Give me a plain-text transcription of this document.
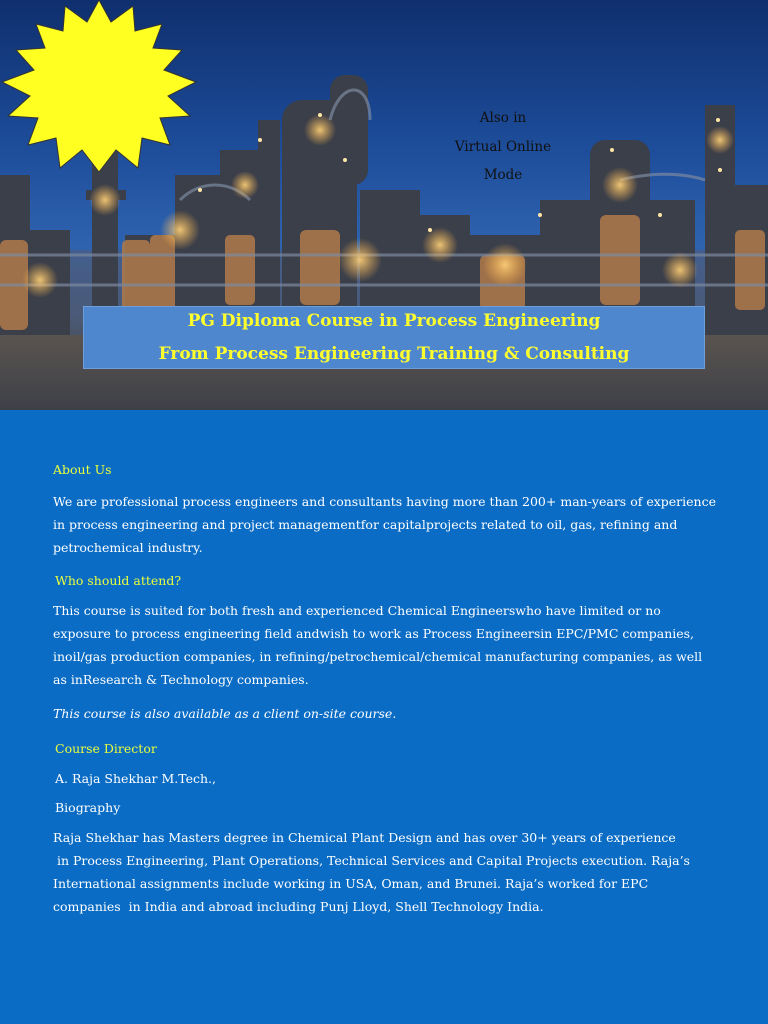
Also in
Virtual Online
Mode
PG Diploma Course in Process Engineering
From Process Engineering Training & Consulting
About Us
We are professional process engineers and consultants having more than 200+ man-years of experience
in process engineering and project managementfor capitalprojects related to oil, gas, refining and
petrochemical industry.
Who should attend?
This course is suited for both fresh and experienced Chemical Engineerswho have limited or no
exposure to process engineering field andwish to work as Process Engineersin EPC/PMC companies,
inoil/gas production companies, in refining/petrochemical/chemical manufacturing companies, as well
as inResearch & Technology companies.
This course is also available as a client on-site course.
Course Director
A. Raja Shekhar M.Tech.,
Biography
Raja Shekhar has Masters degree in Chemical Plant Design and has over 30+ years of experience
in Process Engineering, Plant Operations, Technical Services and Capital Projects execution. Raja’s
International assignments include working in USA, Oman, and Brunei. Raja’s worked for EPC
companies  in India and abroad including Punj Lloyd, Shell Technology India.
